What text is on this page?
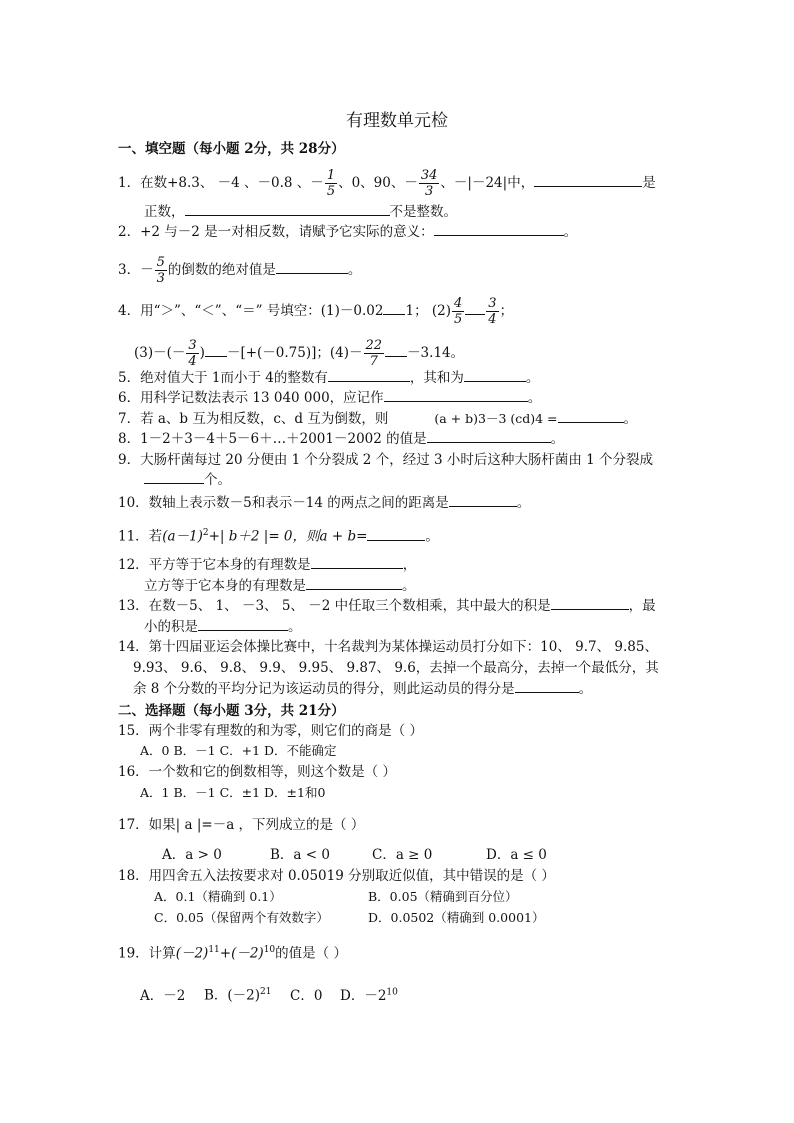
有理数单元检
一、填空题（每小题 2分，共 28分）
1．在数+8.3、 －4 、－0.8 、－ $\frac{1}{5}$ 、0、90、－ $\frac{34}{3}$ 、－|－24|中，	是
正数，	不是整数。
2．+2 与－2 是一对相反数，请赋予它实际的意义：	。
3．－ $\frac{5}{3}$ 的倒数的绝对值是	。
4．用“＞”、“＜”、“＝” 号填空：(1)－0.02 1； $(2) \frac{4}{5} \frac{3}{4}$ ；
$(3)-(- \frac{3}{4}$ ) －[+(－0.75)]；$(4)- \frac{22}{7} -3.14$。
5．绝对值大于 1而小于 4的整数有	，其和为	。
6．用科学记数法表示 13 040 000，应记作	。
7．若 a、b 互为相反数，c、d 互为倒数，则	(a + b)3－3 (cd)4 =	。
8．1－2＋3－4＋5－6＋…＋2001－2002 的值是	。
9．大肠杆菌每过 20 分便由 1 个分裂成 2 个，经过 3 小时后这种大肠杆菌由 1 个分裂成
个。
10．数轴上表示数－5和表示－14 的两点之间的距离是	。
11．若$(a-1)^2+|$ b＋2 |= 0，则a + b=	。
12．平方等于它本身的有理数是	，
立方等于它本身的有理数是	。
13．在数－5、 1、 －3、 5、 －2 中任取三个数相乘，其中最大的积是	，最
小的积是	。
14．第十四届亚运会体操比赛中，十名裁判为某体操运动员打分如下：10、 9.7、 9.85、
9.93、 9.6、 9.8、 9.9、 9.95、 9.87、 9.6，去掉一个最高分，去掉一个最低分，其
余 8 个分数的平均分记为该运动员的得分，则此运动员的得分是	。
二、选择题（每小题 3分，共 21分）
15．两个非零有理数的和为零，则它们的商是（ ）
A．0 B．－1 C．+1 D．不能确定
16．一个数和它的倒数相等，则这个数是（ ）
A．1 B．－1 C．±1 D．±1和0
17．如果| a |=－a ，下列成立的是（ ）
A．a > 0	B．a < 0	C．a ≥ 0	D．a ≤ 0
18．用四舍五入法按要求对 0.05019 分别取近似值，其中错误的是（ ）
A．0.1（精确到 0.1）	B．0.05（精确到百分位）
C．0.05（保留两个有效数字）	D．0.0502（精确到 0.0001）
19．计算$(-2)^{11}+(-2)^{10}$的值是（ ）
A．－2 B．$(-2)^{21}$ C．0 D．$-2^{10}$
